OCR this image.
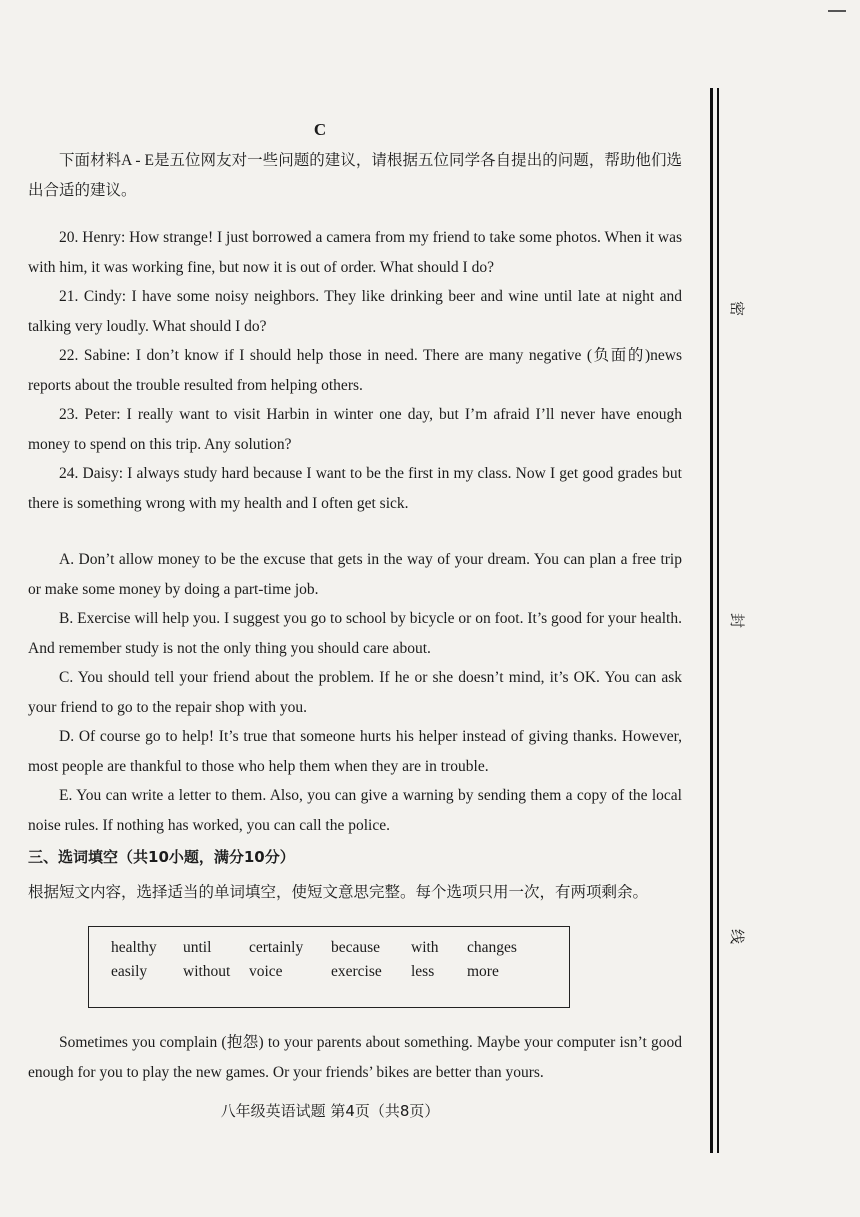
C

下面材料A - E是五位网友对一些问题的建议，请根据五位同学各自提出的问题，帮助他们选出合适的建议。

20. Henry: How strange! I just borrowed a camera from my friend to take some photos. When it was with him, it was working fine, but now it is out of order. What should I do?

21. Cindy: I have some noisy neighbors. They like drinking beer and wine until late at night and talking very loudly. What should I do?

22. Sabine: I don’t know if I should help those in need. There are many negative (负面的)news reports about the trouble resulted from helping others.

23. Peter: I really want to visit Harbin in winter one day, but I’m afraid I’ll never have enough money to spend on this trip. Any solution?

24. Daisy: I always study hard because I want to be the first in my class. Now I get good grades but there is something wrong with my health and I often get sick.

A. Don’t allow money to be the excuse that gets in the way of your dream. You can plan a free trip or make some money by doing a part-time job.

B. Exercise will help you. I suggest you go to school by bicycle or on foot. It’s good for your health. And remember study is not the only thing you should care about.

C. You should tell your friend about the problem. If he or she doesn’t mind, it’s OK. You can ask your friend to go to the repair shop with you.

D. Of course go to help! It’s true that someone hurts his helper instead of giving thanks. However, most people are thankful to those who help them when they are in trouble.

E. You can write a letter to them. Also, you can give a warning by sending them a copy of the local noise rules. If nothing has worked, you can call the police.

三、选词填空（共10小题，满分10分）
根据短文内容，选择适当的单词填空，使短文意思完整。每个选项只用一次，有两项剩余。
healthy	until	certainly	because	with	changes
easily	without	voice	exercise	less	more

Sometimes you complain (抱怨) to your parents about something. Maybe your computer isn’t good enough for you to play the new games. Or your friends’ bikes are better than yours.

八年级英语试题 第4页（共8页）
密
封
线
